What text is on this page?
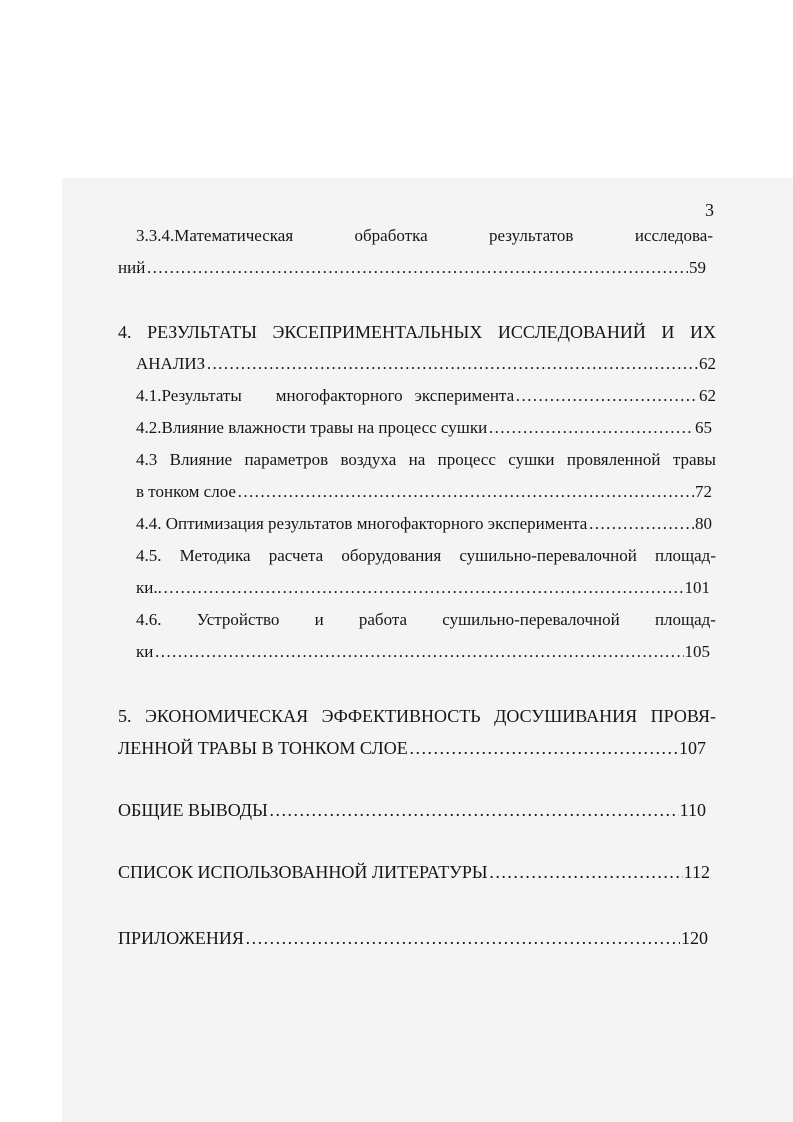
3
3.3.4.Математическая	обработка	результатов	исследова-
ний …………………………………………………………………………………………………………………………………………………………………………………………………………………………	59
4. РЕЗУЛЬТАТЫ ЭКСЕПРИМЕНТАЛЬНЫХ ИССЛЕДОВАНИЙ И ИХ
АНАЛИЗ …………………………………………………………………………………………………………………………………………………………………………………………………………………………	62
4.1.Результаты многофакторного эксперимента …………………………………………………………………………………………………………………………………………………………………………………………………………………………	62
4.2.Влияние влажности травы на процесс сушки …………………………………………………………………………………………………………………………………………………………………………………………………………………………	65
4.3 Влияние параметров воздуха на процесс сушки провяленной травы
в тонком слое …………………………………………………………………………………………………………………………………………………………………………………………………………………………	72
4.4. Оптимизация результатов многофакторного эксперимента …………………………………………………………………………………………………………………………………………………………………………………………………………………………	80
4.5. Методика расчета оборудования сушильно-перевалочной площад-
ки.. …………………………………………………………………………………………………………………………………………………………………………………………………………………………	101
4.6. Устройство и работа сушильно-перевалочной площад-
ки …………………………………………………………………………………………………………………………………………………………………………………………………………………………	105
5. ЭКОНОМИЧЕСКАЯ ЭФФЕКТИВНОСТЬ ДОСУШИВАНИЯ ПРОВЯ-
ЛЕННОЙ ТРАВЫ В ТОНКОМ СЛОЕ …………………………………………………………………………………………………………………………………………………………………………………………………………………………	107
ОБЩИЕ ВЫВОДЫ …………………………………………………………………………………………………………………………………………………………………………………………………………………………	110
СПИСОК ИСПОЛЬЗОВАННОЙ ЛИТЕРАТУРЫ …………………………………………………………………………………………………………………………………………………………………………………………………………………………	112
ПРИЛОЖЕНИЯ …………………………………………………………………………………………………………………………………………………………………………………………………………………………	120
